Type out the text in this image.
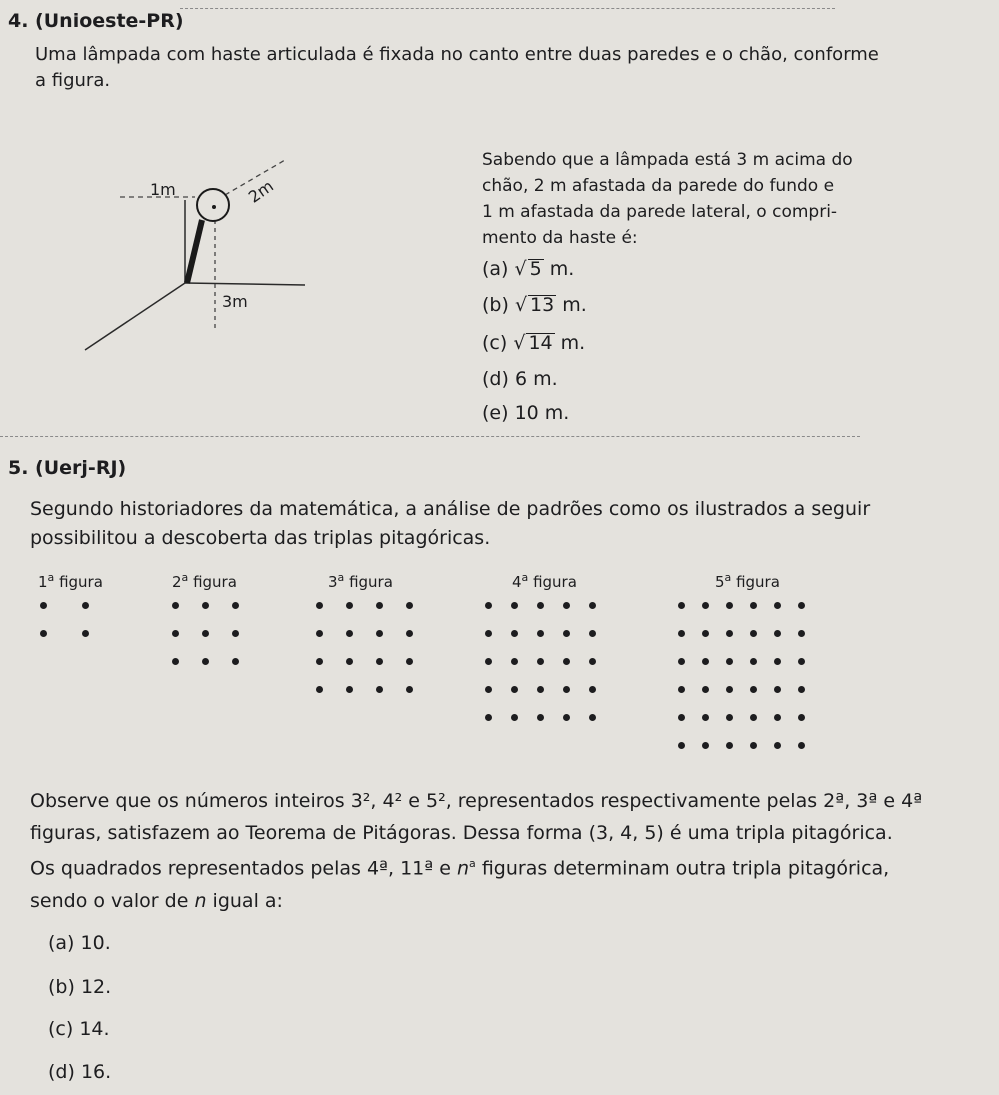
4. (Unioeste-PR)
Uma lâmpada com haste articulada é fixada no canto entre duas paredes e o chão, conforme
a figura.
1m	2m
3m
Sabendo que a lâmpada está 3 m acima do
chão, 2 m afastada da parede do fundo e
1 m afastada da parede lateral, o compri-
mento da haste é:
(a) √ 5 m.
(b) √ 13 m.
(c) √ 14 m.
(d) 6 m.
(e) 10 m.
5. (Uerj-RJ)
Segundo historiadores da matemática, a análise de padrões como os ilustrados a seguir
possibilitou a descoberta das triplas pitagóricas.
1$^a$ figura	2$^a$ figura	3$^a$ figura	4$^a$ figura	5$^a$ figura
Observe que os números inteiros 3², 4² e 5², representados respectivamente pelas 2ª, 3ª e 4ª
figuras, satisfazem ao Teorema de Pitágoras. Dessa forma (3, 4, 5) é uma tripla pitagórica.
Os quadrados representados pelas 4ª, 11ª e $n^a$ figuras determinam outra tripla pitagórica,
sendo o valor de n igual a:
(a) 10.
(b) 12.
(c) 14.
(d) 16.
